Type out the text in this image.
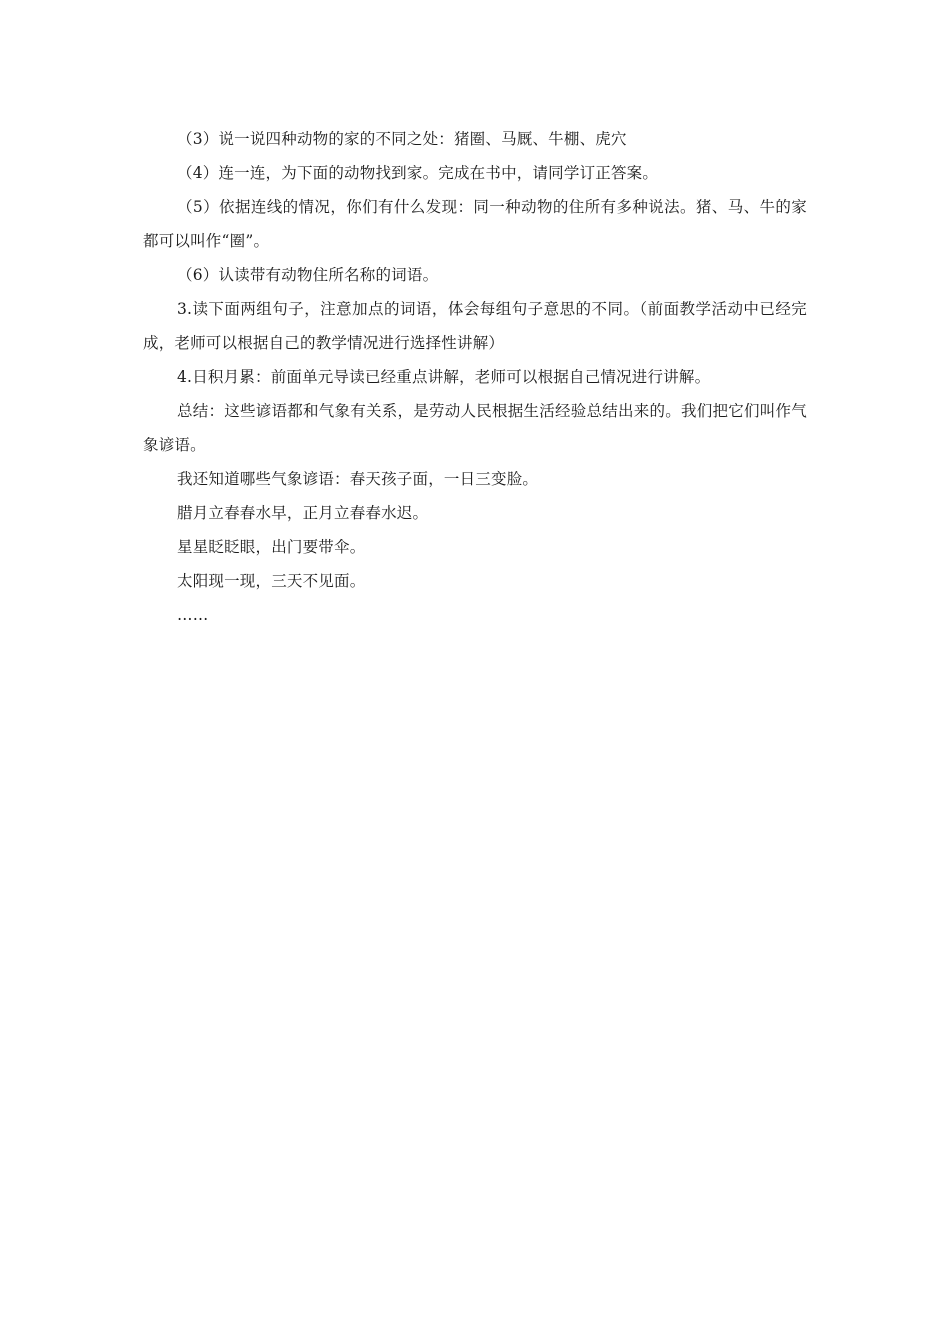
（3）说一说四种动物的家的不同之处：猪圈、马厩、牛棚、虎穴

（4）连一连，为下面的动物找到家。完成在书中，请同学订正答案。

（5）依据连线的情况，你们有什么发现：同一种动物的住所有多种说法。猪、马、牛的家都可以叫作“圈”。

（6）认读带有动物住所名称的词语。

3.读下面两组句子，注意加点的词语，体会每组句子意思的不同。（前面教学活动中已经完成，老师可以根据自己的教学情况进行选择性讲解）

4.日积月累：前面单元导读已经重点讲解，老师可以根据自己情况进行讲解。

总结：这些谚语都和气象有关系，是劳动人民根据生活经验总结出来的。我们把它们叫作气象谚语。

我还知道哪些气象谚语：春天孩子面，一日三变脸。

腊月立春春水早，正月立春春水迟。

星星眨眨眼，出门要带伞。

太阳现一现，三天不见面。

……
